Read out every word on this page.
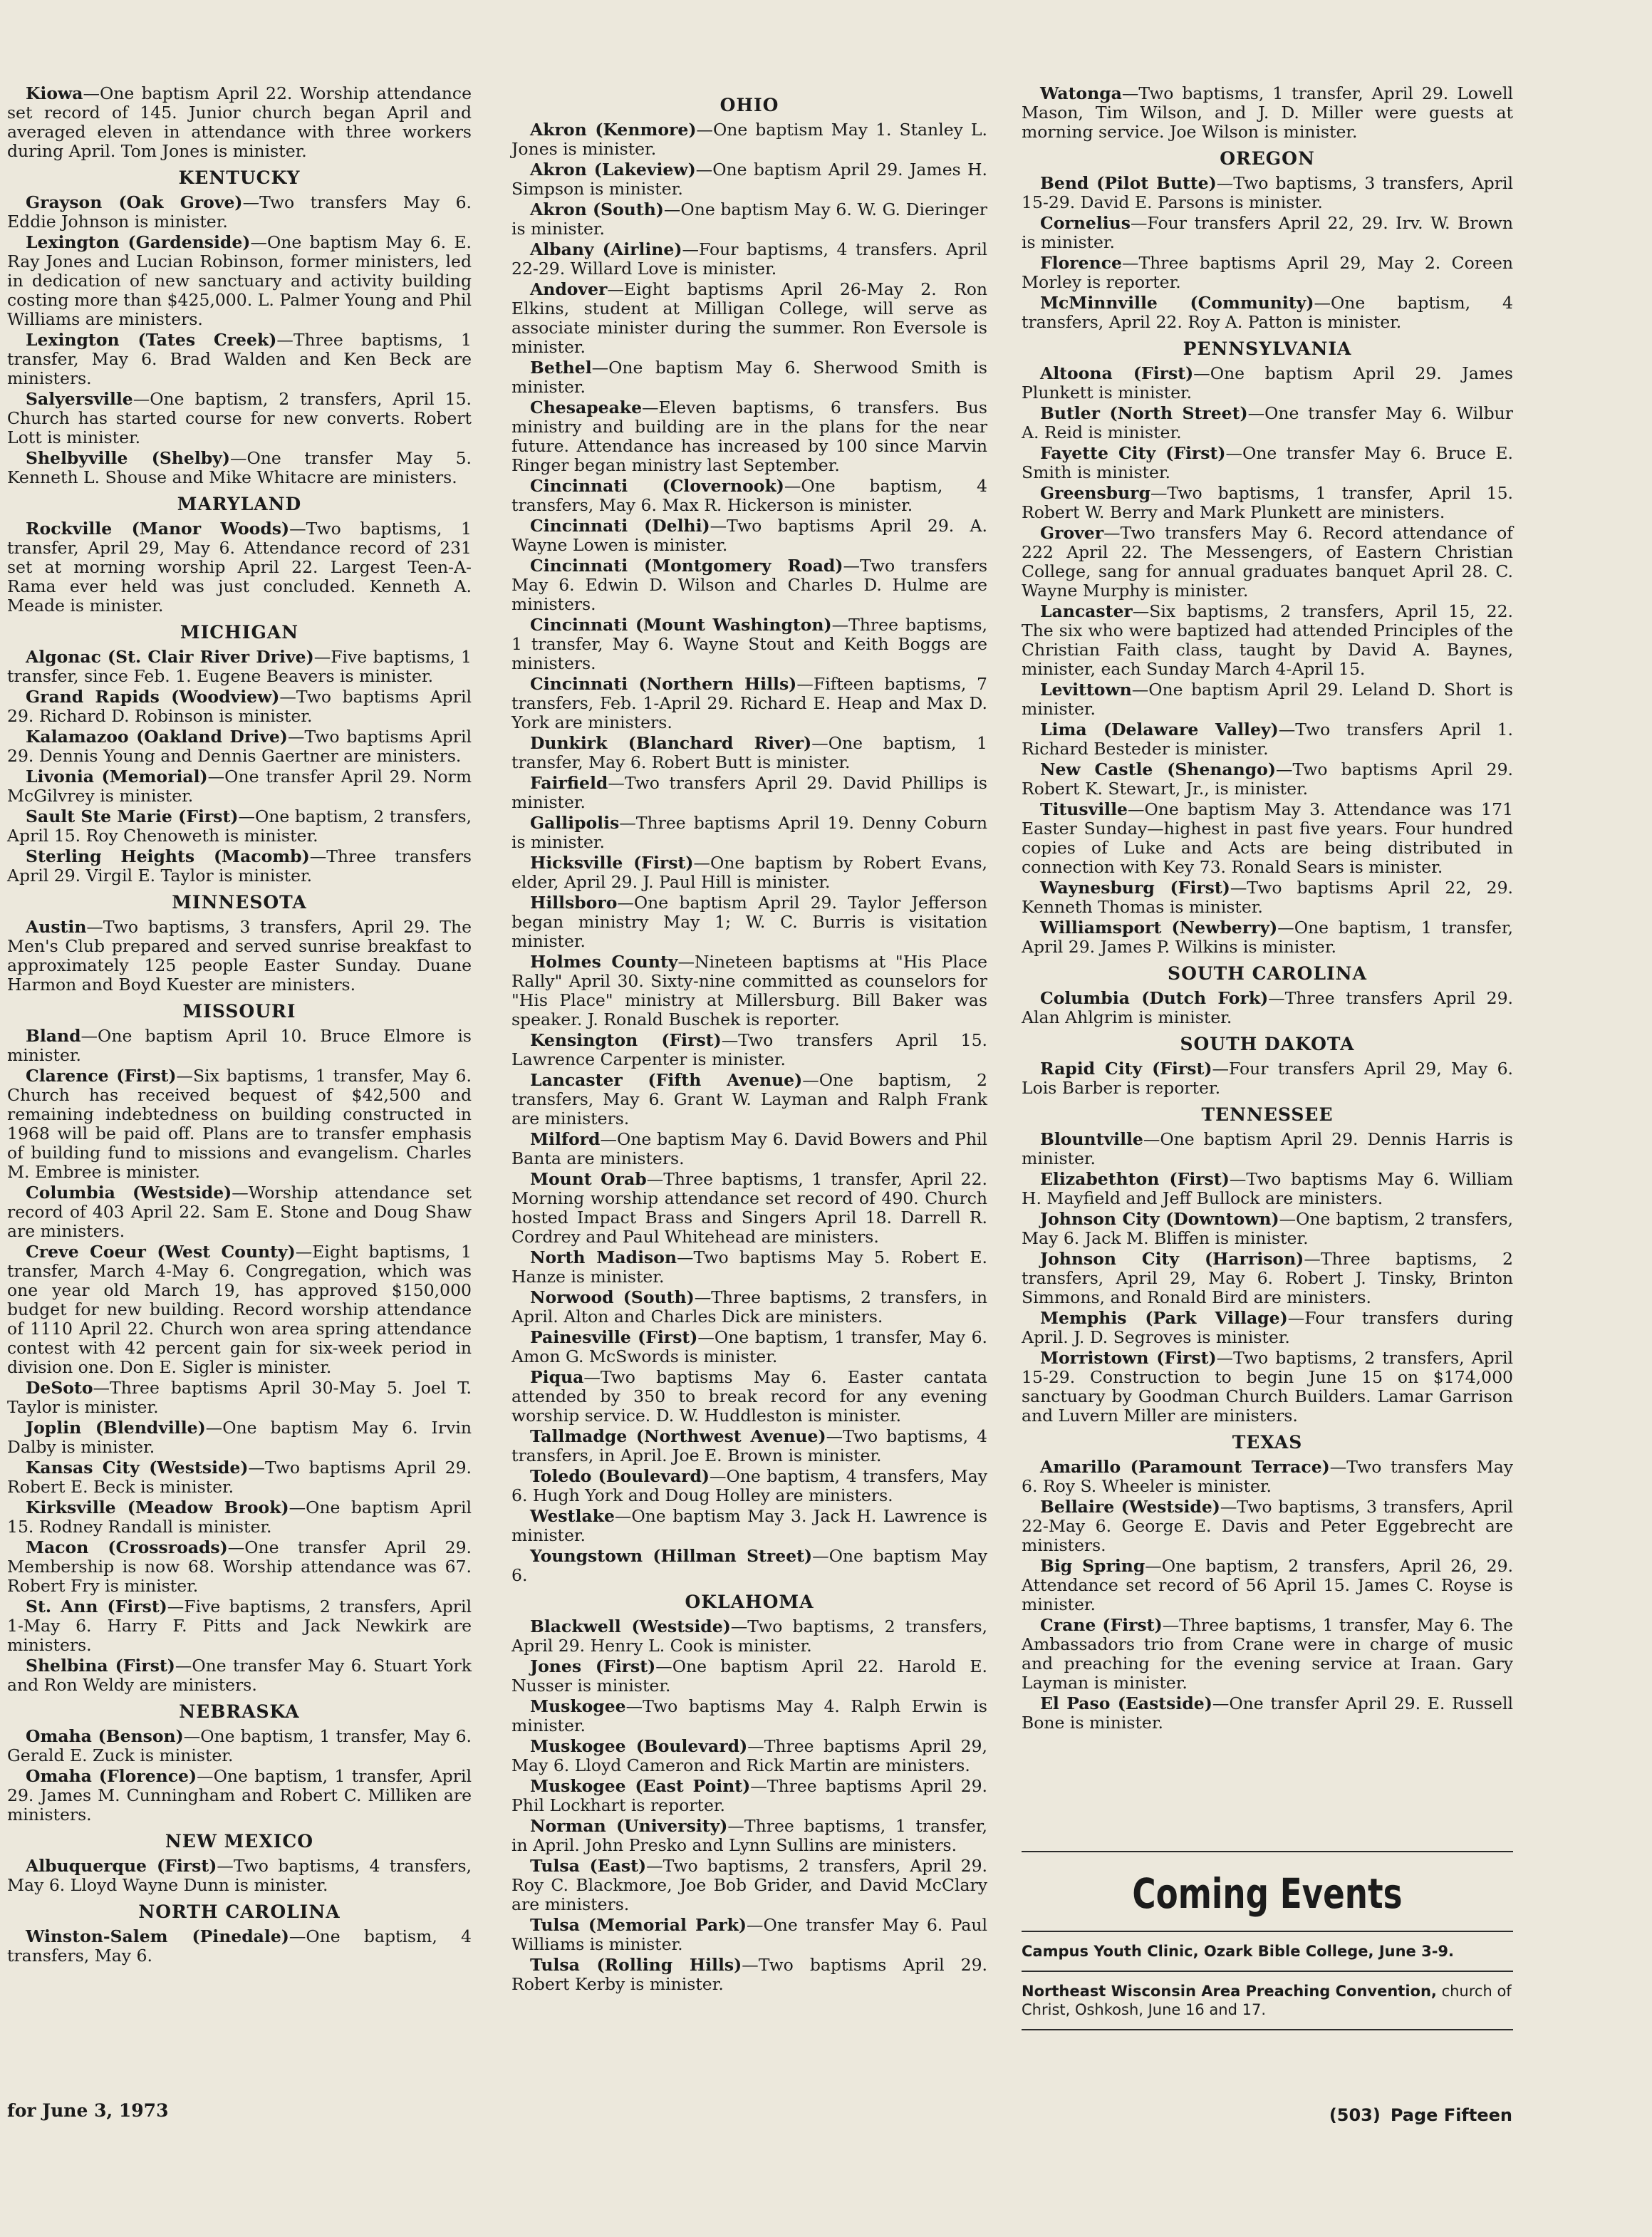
Kiowa—One baptism April 22. Worship attendance set record of 145. Junior church began April and averaged eleven in attendance with three workers during April. Tom Jones is minister.

KENTUCKY

Grayson (Oak Grove)—Two transfers May 6. Eddie Johnson is minister.

Lexington (Gardenside)—One baptism May 6. E. Ray Jones and Lucian Robinson, former ministers, led in dedication of new sanctuary and activity building costing more than $425,000. L. Palmer Young and Phil Williams are ministers.

Lexington (Tates Creek)—Three baptisms, 1 transfer, May 6. Brad Walden and Ken Beck are ministers.

Salyersville—One baptism, 2 transfers, April 15. Church has started course for new converts. Robert Lott is minister.

Shelbyville (Shelby)—One transfer May 5. Kenneth L. Shouse and Mike Whitacre are ministers.

MARYLAND

Rockville (Manor Woods)—Two baptisms, 1 transfer, April 29, May 6. Attendance record of 231 set at morning worship April 22. Largest Teen-A-Rama ever held was just concluded. Kenneth A. Meade is minister.

MICHIGAN

Algonac (St. Clair River Drive)—Five baptisms, 1 transfer, since Feb. 1. Eugene Beavers is minister.

Grand Rapids (Woodview)—Two baptisms April 29. Richard D. Robinson is minister.

Kalamazoo (Oakland Drive)—Two baptisms April 29. Dennis Young and Dennis Gaertner are ministers.

Livonia (Memorial)—One transfer April 29. Norm McGilvrey is minister.

Sault Ste Marie (First)—One baptism, 2 transfers, April 15. Roy Chenoweth is minister.

Sterling Heights (Macomb)—Three transfers April 29. Virgil E. Taylor is minister.

MINNESOTA

Austin—Two baptisms, 3 transfers, April 29. The Men's Club prepared and served sunrise breakfast to approximately 125 people Easter Sunday. Duane Harmon and Boyd Kuester are ministers.

MISSOURI

Bland—One baptism April 10. Bruce Elmore is minister.

Clarence (First)—Six baptisms, 1 transfer, May 6. Church has received bequest of $42,500 and remaining indebtedness on building constructed in 1968 will be paid off. Plans are to transfer emphasis of building fund to missions and evangelism. Charles M. Embree is minister.

Columbia (Westside)—Worship attendance set record of 403 April 22. Sam E. Stone and Doug Shaw are ministers.

Creve Coeur (West County)—Eight baptisms, 1 transfer, March 4-May 6. Congregation, which was one year old March 19, has approved $150,000 budget for new building. Record worship attendance of 1110 April 22. Church won area spring attendance contest with 42 percent gain for six-week period in division one. Don E. Sigler is minister.

DeSoto—Three baptisms April 30-May 5. Joel T. Taylor is minister.

Joplin (Blendville)—One baptism May 6. Irvin Dalby is minister.

Kansas City (Westside)—Two baptisms April 29. Robert E. Beck is minister.

Kirksville (Meadow Brook)—One baptism April 15. Rodney Randall is minister.

Macon (Crossroads)—One transfer April 29. Membership is now 68. Worship attendance was 67. Robert Fry is minister.

St. Ann (First)—Five baptisms, 2 transfers, April 1-May 6. Harry F. Pitts and Jack Newkirk are ministers.

Shelbina (First)—One transfer May 6. Stuart York and Ron Weldy are ministers.

NEBRASKA

Omaha (Benson)—One baptism, 1 transfer, May 6. Gerald E. Zuck is minister.

Omaha (Florence)—One baptism, 1 transfer, April 29. James M. Cunningham and Robert C. Milliken are ministers.

NEW MEXICO

Albuquerque (First)—Two baptisms, 4 transfers, May 6. Lloyd Wayne Dunn is minister.

NORTH CAROLINA

Winston-Salem (Pinedale)—One baptism, 4 transfers, May 6.

OHIO

Akron (Kenmore)—One baptism May 1. Stanley L. Jones is minister.

Akron (Lakeview)—One baptism April 29. James H. Simpson is minister.

Akron (South)—One baptism May 6. W. G. Dieringer is minister.

Albany (Airline)—Four baptisms, 4 transfers. April 22-29. Willard Love is minister.

Andover—Eight baptisms April 26-May 2. Ron Elkins, student at Milligan College, will serve as associate minister during the summer. Ron Eversole is minister.

Bethel—One baptism May 6. Sherwood Smith is minister.

Chesapeake—Eleven baptisms, 6 transfers. Bus ministry and building are in the plans for the near future. Attendance has increased by 100 since Marvin Ringer began ministry last September.

Cincinnati (Clovernook)—One baptism, 4 transfers, May 6. Max R. Hickerson is minister.

Cincinnati (Delhi)—Two baptisms April 29. A. Wayne Lowen is minister.

Cincinnati (Montgomery Road)—Two transfers May 6. Edwin D. Wilson and Charles D. Hulme are ministers.

Cincinnati (Mount Washington)—Three baptisms, 1 transfer, May 6. Wayne Stout and Keith Boggs are ministers.

Cincinnati (Northern Hills)—Fifteen baptisms, 7 transfers, Feb. 1-April 29. Richard E. Heap and Max D. York are ministers.

Dunkirk (Blanchard River)—One baptism, 1 transfer, May 6. Robert Butt is minister.

Fairfield—Two transfers April 29. David Phillips is minister.

Gallipolis—Three baptisms April 19. Denny Coburn is minister.

Hicksville (First)—One baptism by Robert Evans, elder, April 29. J. Paul Hill is minister.

Hillsboro—One baptism April 29. Taylor Jefferson began ministry May 1; W. C. Burris is visitation minister.

Holmes County—Nineteen baptisms at "His Place Rally" April 30. Sixty-nine committed as counselors for "His Place" ministry at Millersburg. Bill Baker was speaker. J. Ronald Buschek is reporter.

Kensington (First)—Two transfers April 15. Lawrence Carpenter is minister.

Lancaster (Fifth Avenue)—One baptism, 2 transfers, May 6. Grant W. Layman and Ralph Frank are ministers.

Milford—One baptism May 6. David Bowers and Phil Banta are ministers.

Mount Orab—Three baptisms, 1 transfer, April 22. Morning worship attendance set record of 490. Church hosted Impact Brass and Singers April 18. Darrell R. Cordrey and Paul Whitehead are ministers.

North Madison—Two baptisms May 5. Robert E. Hanze is minister.

Norwood (South)—Three baptisms, 2 transfers, in April. Alton and Charles Dick are ministers.

Painesville (First)—One baptism, 1 transfer, May 6. Amon G. McSwords is minister.

Piqua—Two baptisms May 6. Easter cantata attended by 350 to break record for any evening worship service. D. W. Huddleston is minister.

Tallmadge (Northwest Avenue)—Two baptisms, 4 transfers, in April. Joe E. Brown is minister.

Toledo (Boulevard)—One baptism, 4 transfers, May 6. Hugh York and Doug Holley are ministers.

Westlake—One baptism May 3. Jack H. Lawrence is minister.

Youngstown (Hillman Street)—One baptism May 6.

OKLAHOMA

Blackwell (Westside)—Two baptisms, 2 transfers, April 29. Henry L. Cook is minister.

Jones (First)—One baptism April 22. Harold E. Nusser is minister.

Muskogee—Two baptisms May 4. Ralph Erwin is minister.

Muskogee (Boulevard)—Three baptisms April 29, May 6. Lloyd Cameron and Rick Martin are ministers.

Muskogee (East Point)—Three baptisms April 29. Phil Lockhart is reporter.

Norman (University)—Three baptisms, 1 transfer, in April. John Presko and Lynn Sullins are ministers.

Tulsa (East)—Two baptisms, 2 transfers, April 29. Roy C. Blackmore, Joe Bob Grider, and David McClary are ministers.

Tulsa (Memorial Park)—One transfer May 6. Paul Williams is minister.

Tulsa (Rolling Hills)—Two baptisms April 29. Robert Kerby is minister.

Watonga—Two baptisms, 1 transfer, April 29. Lowell Mason, Tim Wilson, and J. D. Miller were guests at morning service. Joe Wilson is minister.

OREGON

Bend (Pilot Butte)—Two baptisms, 3 transfers, April 15-29. David E. Parsons is minister.

Cornelius—Four transfers April 22, 29. Irv. W. Brown is minister.

Florence—Three baptisms April 29, May 2. Coreen Morley is reporter.

McMinnville (Community)—One baptism, 4 transfers, April 22. Roy A. Patton is minister.

PENNSYLVANIA

Altoona (First)—One baptism April 29. James Plunkett is minister.

Butler (North Street)—One transfer May 6. Wilbur A. Reid is minister.

Fayette City (First)—One transfer May 6. Bruce E. Smith is minister.

Greensburg—Two baptisms, 1 transfer, April 15. Robert W. Berry and Mark Plunkett are ministers.

Grover—Two transfers May 6. Record attendance of 222 April 22. The Messengers, of Eastern Christian College, sang for annual graduates banquet April 28. C. Wayne Murphy is minister.

Lancaster—Six baptisms, 2 transfers, April 15, 22. The six who were baptized had attended Principles of the Christian Faith class, taught by David A. Baynes, minister, each Sunday March 4-April 15.

Levittown—One baptism April 29. Leland D. Short is minister.

Lima (Delaware Valley)—Two transfers April 1. Richard Besteder is minister.

New Castle (Shenango)—Two baptisms April 29. Robert K. Stewart, Jr., is minister.

Titusville—One baptism May 3. Attendance was 171 Easter Sunday—highest in past five years. Four hundred copies of Luke and Acts are being distributed in connection with Key 73. Ronald Sears is minister.

Waynesburg (First)—Two baptisms April 22, 29. Kenneth Thomas is minister.

Williamsport (Newberry)—One baptism, 1 transfer, April 29. James P. Wilkins is minister.

SOUTH CAROLINA

Columbia (Dutch Fork)—Three transfers April 29. Alan Ahlgrim is minister.

SOUTH DAKOTA

Rapid City (First)—Four transfers April 29, May 6. Lois Barber is reporter.

TENNESSEE

Blountville—One baptism April 29. Dennis Harris is minister.

Elizabethton (First)—Two baptisms May 6. William H. Mayfield and Jeff Bullock are ministers.

Johnson City (Downtown)—One baptism, 2 transfers, May 6. Jack M. Bliffen is minister.

Johnson City (Harrison)—Three baptisms, 2 transfers, April 29, May 6. Robert J. Tinsky, Brinton Simmons, and Ronald Bird are ministers.

Memphis (Park Village)—Four transfers during April. J. D. Segroves is minister.

Morristown (First)—Two baptisms, 2 transfers, April 15-29. Construction to begin June 15 on $174,000 sanctuary by Goodman Church Builders. Lamar Garrison and Luvern Miller are ministers.

TEXAS

Amarillo (Paramount Terrace)—Two transfers May 6. Roy S. Wheeler is minister.

Bellaire (Westside)—Two baptisms, 3 transfers, April 22-May 6. George E. Davis and Peter Eggebrecht are ministers.

Big Spring—One baptism, 2 transfers, April 26, 29. Attendance set record of 56 April 15. James C. Royse is minister.

Crane (First)—Three baptisms, 1 transfer, May 6. The Ambassadors trio from Crane were in charge of music and preaching for the evening service at Iraan. Gary Layman is minister.

El Paso (Eastside)—One transfer April 29. E. Russell Bone is minister.

Coming Events
Campus Youth Clinic, Ozark Bible College, June 3-9.
Northeast Wisconsin Area Preaching Convention, church of Christ, Oshkosh, June 16 and 17.
for June 3, 1973	(503) Page Fifteen
